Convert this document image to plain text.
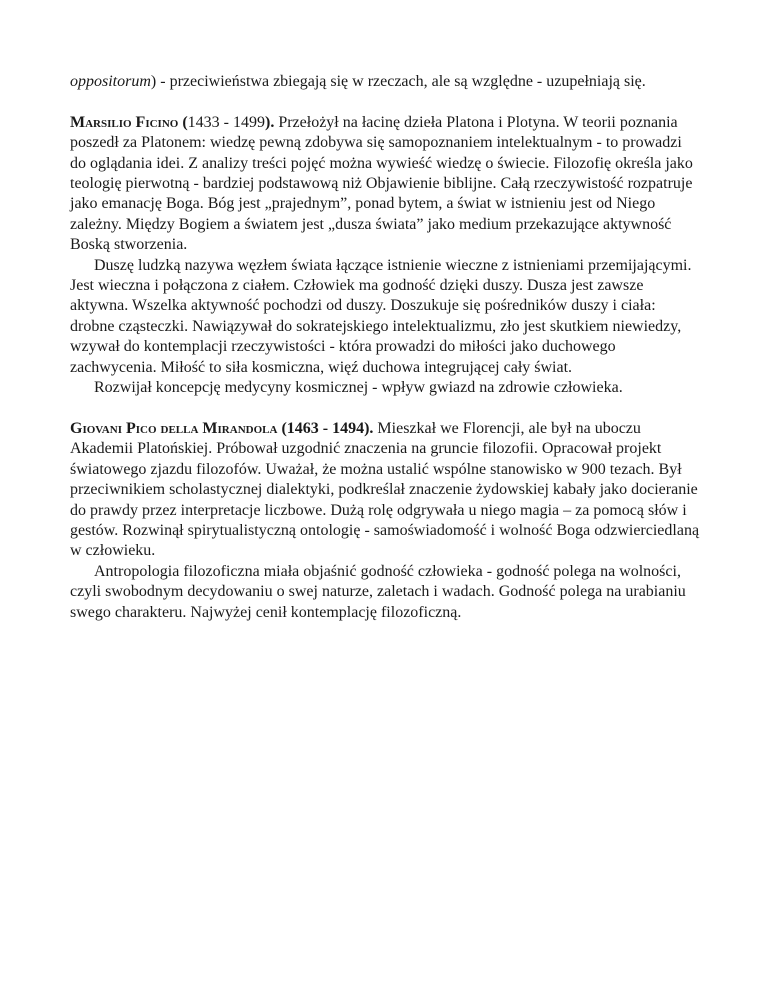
oppositorum) - przeciwieństwa zbiegają się w rzeczach, ale są względne - uzupełniają się.

Marsilio Ficino (1433 - 1499). Przełożył na łacinę dzieła Platona i Plotyna. W teorii poznania poszedł za Platonem: wiedzę pewną zdobywa się samopoznaniem intelektualnym - to prowadzi do oglądania idei. Z analizy treści pojęć można wywieść wiedzę o świecie. Filozofię określa jako teologię pierwotną - bardziej podstawową niż Objawienie biblijne. Całą rzeczywistość rozpatruje jako emanację Boga. Bóg jest „prajednym”, ponad bytem, a świat w istnieniu jest od Niego zależny. Między Bogiem a światem jest „dusza świata” jako medium przekazujące aktywność Boską stworzenia.

Duszę ludzką nazywa węzłem świata łączące istnienie wieczne z istnieniami przemijającymi. Jest wieczna i połączona z ciałem. Człowiek ma godność dzięki duszy. Dusza jest zawsze aktywna. Wszelka aktywność pochodzi od duszy. Doszukuje się pośredników duszy i ciała: drobne cząsteczki. Nawiązywał do sokratejskiego intelektualizmu, zło jest skutkiem niewiedzy, wzywał do kontemplacji rzeczywistości - która prowadzi do miłości jako duchowego zachwycenia. Miłość to siła kosmiczna, więź duchowa integrującej cały świat.

Rozwijał koncepcję medycyny kosmicznej - wpływ gwiazd na zdrowie człowieka.

Giovani Pico della Mirandola (1463 - 1494). Mieszkał we Florencji, ale był na uboczu Akademii Platońskiej. Próbował uzgodnić znaczenia na gruncie filozofii. Opracował projekt światowego zjazdu filozofów. Uważał, że można ustalić wspólne stanowisko w 900 tezach. Był przeciwnikiem scholastycznej dialektyki, podkreślał znaczenie żydowskiej kabały jako docieranie do prawdy przez interpretacje liczbowe. Dużą rolę odgrywała u niego magia – za pomocą słów i gestów. Rozwinął spirytualistyczną ontologię - samoświadomość i wolność Boga odzwierciedlaną w człowieku.

Antropologia filozoficzna miała objaśnić godność człowieka - godność polega na wolności, czyli swobodnym decydowaniu o swej naturze, zaletach i wadach. Godność polega na urabianiu swego charakteru. Najwyżej cenił kontemplację filozoficzną.
